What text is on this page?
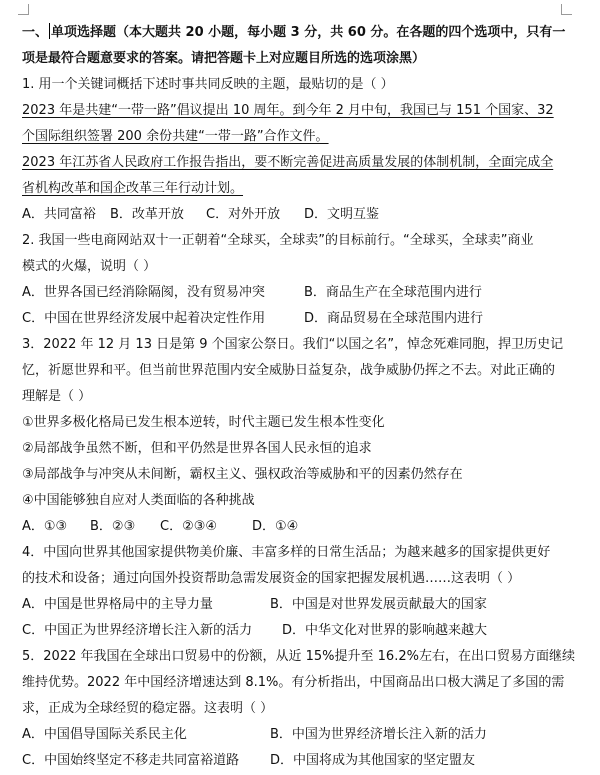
一、 单项选择题（本大题共 20 小题，每小题 3 分，共 60 分。在各题的四个选项中，只有一
项是最符合题意要求的答案。请把答题卡上对应题目所选的选项涂黑）
1. 用一个关键词概括下述时事共同反映的主题，最贴切的是（ ）
2023 年是共建“一带一路”倡议提出 10 周年。到今年 2 月中旬，我国已与 151 个国家、32
个国际组织签署 200 余份共建“一带一路”合作文件。
2023 年江苏省人民政府工作报告指出，要不断完善促进高质量发展的体制机制，全面完成全
省机构改革和国企改革三年行动计划。
A．共同富裕	B．改革开放	C．对外开放	D．文明互鉴
2. 我国一些电商网站双十一正朝着“全球买，全球卖”的目标前行。“全球买，全球卖”商业
模式的火爆，说明（ ）
A．世界各国已经消除隔阂，没有贸易冲突	B．商品生产在全球范围内进行
C．中国在世界经济发展中起着决定性作用	D．商品贸易在全球范围内进行
3．2022 年 12 月 13 日是第 9 个国家公祭日。我们“以国之名”，悼念死难同胞，捍卫历史记
忆，祈愿世界和平。但当前世界范围内安全威胁日益复杂，战争威胁仍挥之不去。对此正确的
理解是（ ）
①世界多极化格局已发生根本逆转，时代主题已发生根本性变化
②局部战争虽然不断，但和平仍然是世界各国人民永恒的追求
③局部战争与冲突从未间断，霸权主义、强权政治等威胁和平的因素仍然存在
④中国能够独自应对人类面临的各种挑战
A．①③	B．②③	C．②③④	D．①④
4．中国向世界其他国家提供物美价廉、丰富多样的日常生活品；为越来越多的国家提供更好
的技术和设备；通过向国外投资帮助急需发展资金的国家把握发展机遇……这表明（ ）
A．中国是世界格局中的主导力量	B．中国是对世界发展贡献最大的国家
C．中国正为世界经济增长注入新的活力	D．中华文化对世界的影响越来越大
5．2022 年我国在全球出口贸易中的份额，从近 15%提升至 16.2%左右，在出口贸易方面继续
维持优势。2022 年中国经济增速达到 8.1%。有分析指出，中国商品出口极大满足了多国的需
求，正成为全球经贸的稳定器。这表明（ ）
A．中国倡导国际关系民主化	B．中国为世界经济增长注入新的活力
C．中国始终坚定不移走共同富裕道路	D．中国将成为其他国家的坚定盟友
